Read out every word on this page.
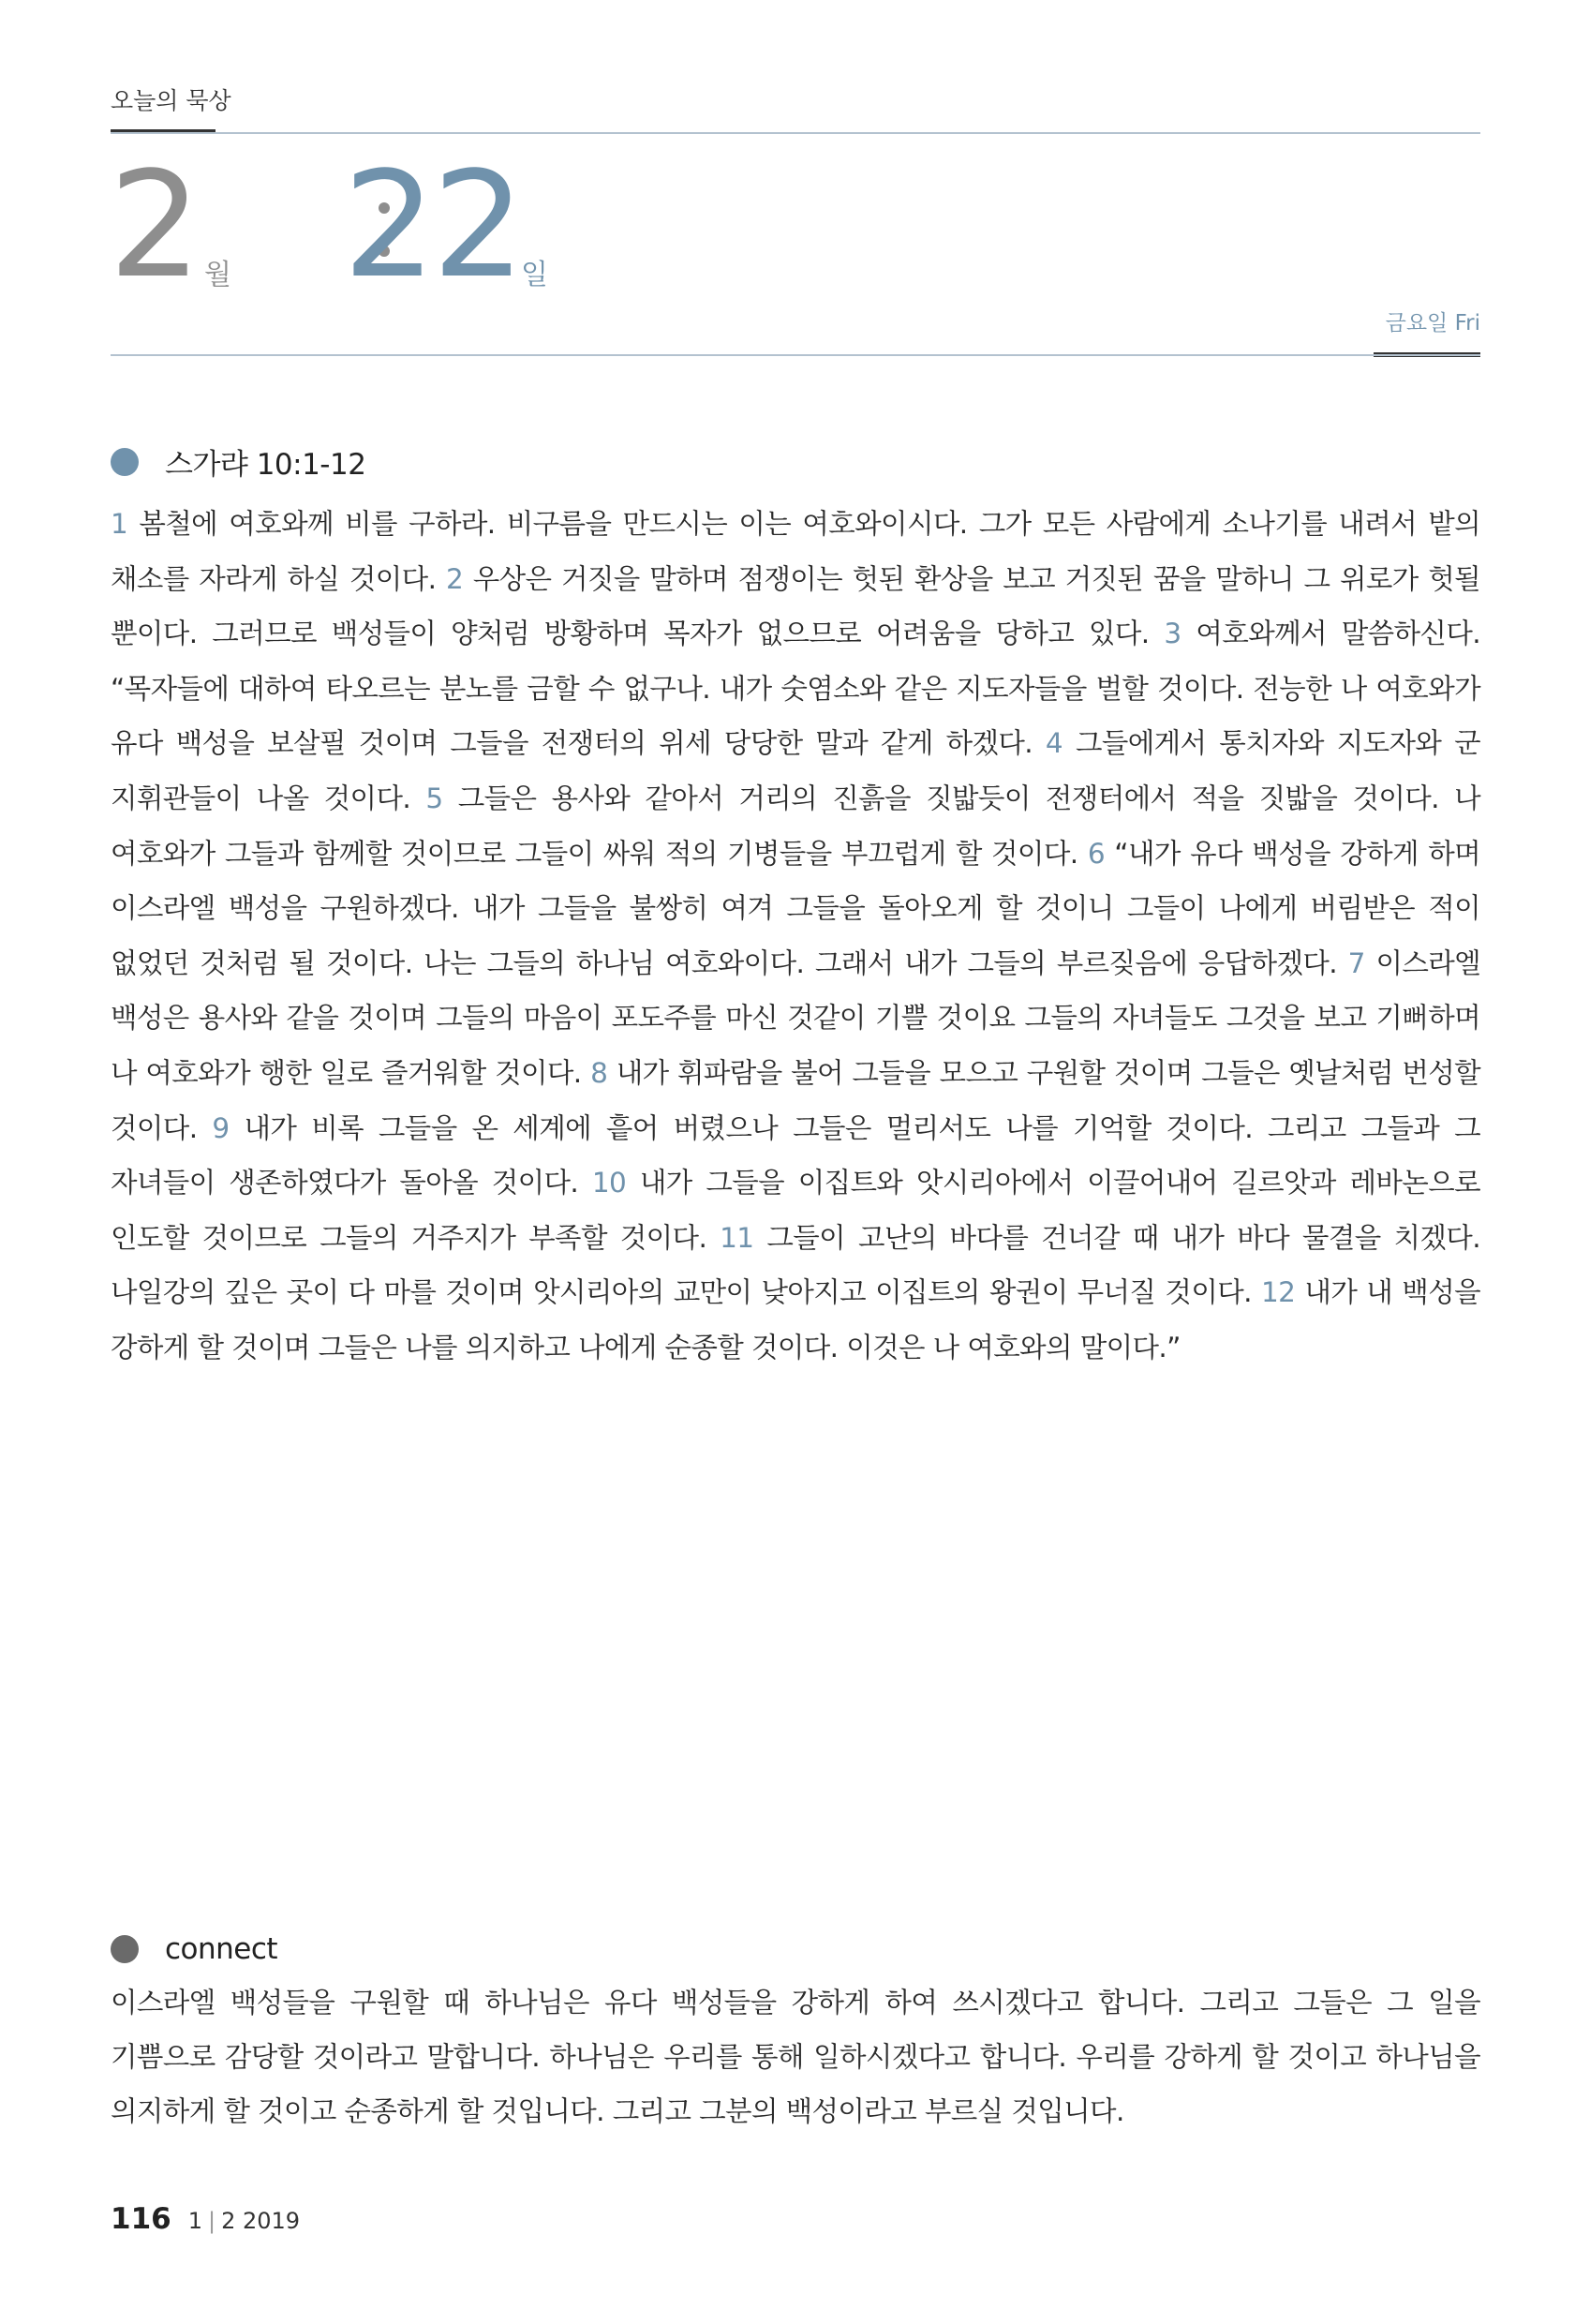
오늘의 묵상
2 월 22 일
금요일 Fri
스가랴 10:1-12
1 봄철에 여호와께 비를 구하라. 비구름을 만드시는 이는 여호와이시다. 그가 모든 사람에게 소나기를 내려서 밭의 채소를 자라게 하실 것이다. 2 우상은 거짓을 말하며 점쟁이는 헛된 환상을 보고 거짓된 꿈을 말하니 그 위로가 헛될 뿐이다. 그러므로 백성들이 양처럼 방황하며 목자가 없으므로 어려움을 당하고 있다. 3 여호와께서 말씀하신다. “목자들에 대하여 타오르는 분노를 금할 수 없구나. 내가 숫염소와 같은 지도자들을 벌할 것이다. 전능한 나 여호와가 유다 백성을 보살필 것이며 그들을 전쟁터의 위세 당당한 말과 같게 하겠다. 4 그들에게서 통치자와 지도자와 군 지휘관들이 나올 것이다. 5 그들은 용사와 같아서 거리의 진흙을 짓밟듯이 전쟁터에서 적을 짓밟을 것이다. 나 여호와가 그들과 함께할 것이므로 그들이 싸워 적의 기병들을 부끄럽게 할 것이다. 6 “내가 유다 백성을 강하게 하며 이스라엘 백성을 구원하겠다. 내가 그들을 불쌍히 여겨 그들을 돌아오게 할 것이니 그들이 나에게 버림받은 적이 없었던 것처럼 될 것이다. 나는 그들의 하나님 여호와이다. 그래서 내가 그들의 부르짖음에 응답하겠다. 7 이스라엘 백성은 용사와 같을 것이며 그들의 마음이 포도주를 마신 것같이 기쁠 것이요 그들의 자녀들도 그것을 보고 기뻐하며 나 여호와가 행한 일로 즐거워할 것이다. 8 내가 휘파람을 불어 그들을 모으고 구원할 것이며 그들은 옛날처럼 번성할 것이다. 9 내가 비록 그들을 온 세계에 흩어 버렸으나 그들은 멀리서도 나를 기억할 것이다. 그리고 그들과 그 자녀들이 생존하였다가 돌아올 것이다. 10 내가 그들을 이집트와 앗시리아에서 이끌어내어 길르앗과 레바논으로 인도할 것이므로 그들의 거주지가 부족할 것이다. 11 그들이 고난의 바다를 건너갈 때 내가 바다 물결을 치겠다. 나일강의 깊은 곳이 다 마를 것이며 앗시리아의 교만이 낮아지고 이집트의 왕권이 무너질 것이다. 12 내가 내 백성을 강하게 할 것이며 그들은 나를 의지하고 나에게 순종할 것이다. 이것은 나 여호와의 말이다.”
connect
이스라엘 백성들을 구원할 때 하나님은 유다 백성들을 강하게 하여 쓰시겠다고 합니다. 그리고 그들은 그 일을 기쁨으로 감당할 것이라고 말합니다. 하나님은 우리를 통해 일하시겠다고 합니다. 우리를 강하게 할 것이고 하나님을 의지하게 할 것이고 순종하게 할 것입니다. 그리고 그분의 백성이라고 부르실 것입니다.
116 1 | 2 2019
